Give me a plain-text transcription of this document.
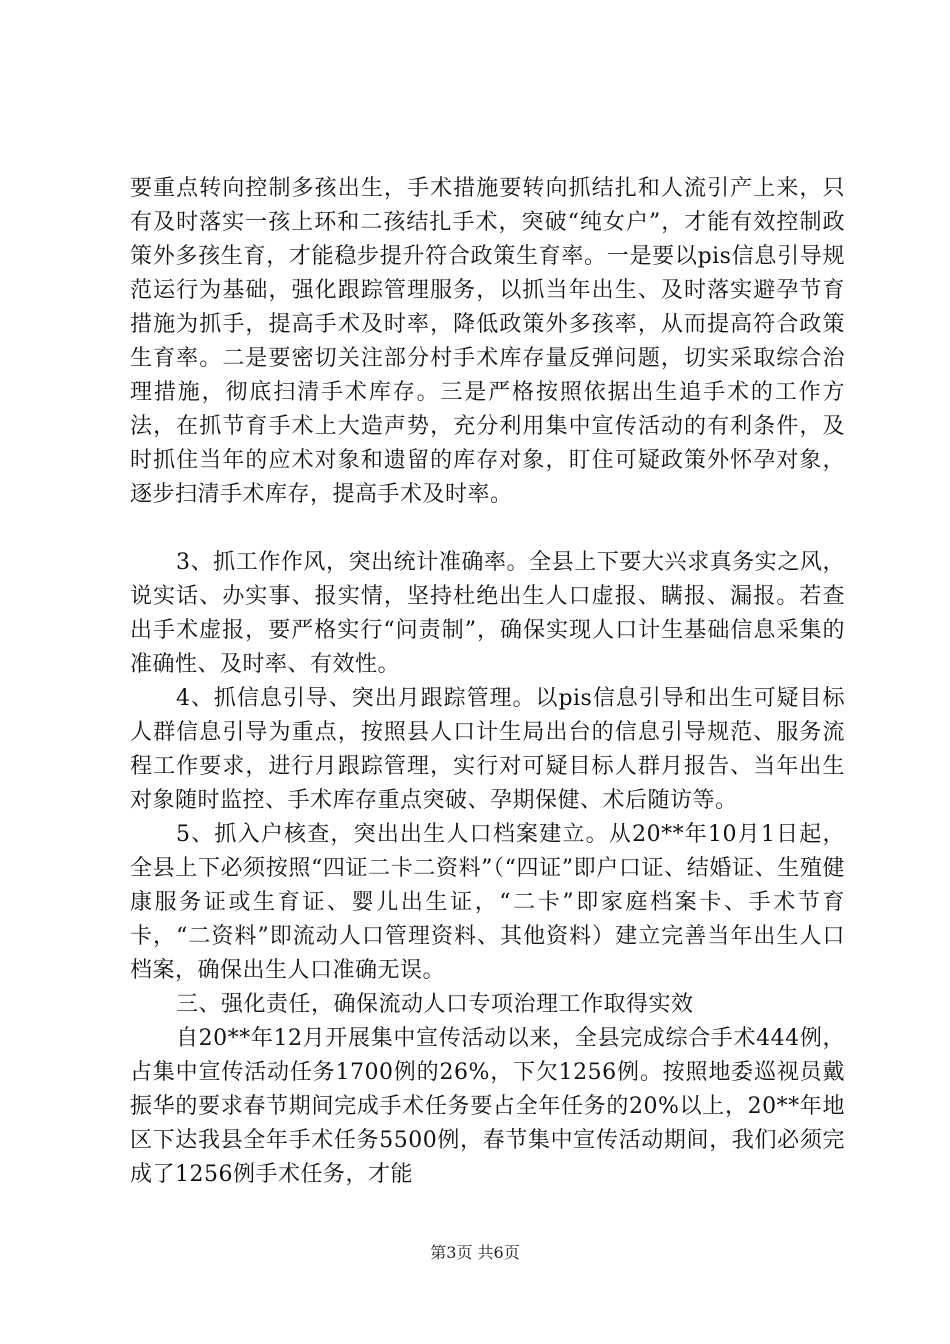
要重点转向控制多孩出生，手术措施要转向抓结扎和人流引产上来，只有及时落实一孩上环和二孩结扎手术，突破“纯女户”，才能有效控制政策外多孩生育，才能稳步提升符合政策生育率。一是要以pis信息引导规范运行为基础，强化跟踪管理服务，以抓当年出生、及时落实避孕节育措施为抓手，提高手术及时率，降低政策外多孩率，从而提高符合政策生育率。二是要密切关注部分村手术库存量反弹问题，切实采取综合治理措施，彻底扫清手术库存。三是严格按照依据出生追手术的工作方法，在抓节育手术上大造声势，充分利用集中宣传活动的有利条件，及时抓住当年的应术对象和遗留的库存对象，盯住可疑政策外怀孕对象，逐步扫清手术库存，提高手术及时率。

3、抓工作作风，突出统计准确率。全县上下要大兴求真务实之风，说实话、办实事、报实情，坚持杜绝出生人口虚报、瞒报、漏报。若查出手术虚报，要严格实行“问责制”，确保实现人口计生基础信息采集的准确性、及时率、有效性。

4、抓信息引导、突出月跟踪管理。以pis信息引导和出生可疑目标人群信息引导为重点，按照县人口计生局出台的信息引导规范、服务流程工作要求，进行月跟踪管理，实行对可疑目标人群月报告、当年出生对象随时监控、手术库存重点突破、孕期保健、术后随访等。

5、抓入户核查，突出出生人口档案建立。从20**年10月1日起，全县上下必须按照“四证二卡二资料”（“四证”即户口证、结婚证、生殖健康服务证或生育证、婴儿出生证，“二卡”即家庭档案卡、手术节育卡，“二资料”即流动人口管理资料、其他资料）建立完善当年出生人口档案，确保出生人口准确无误。

三、强化责任，确保流动人口专项治理工作取得实效

自20**年12月开展集中宣传活动以来，全县完成综合手术444例，占集中宣传活动任务1700例的26%，下欠1256例。按照地委巡视员戴振华的要求春节期间完成手术任务要占全年任务的20%以上，20**年地区下达我县全年手术任务5500例，春节集中宣传活动期间，我们必须完成了1256例手术任务，才能

第3页 共6页
